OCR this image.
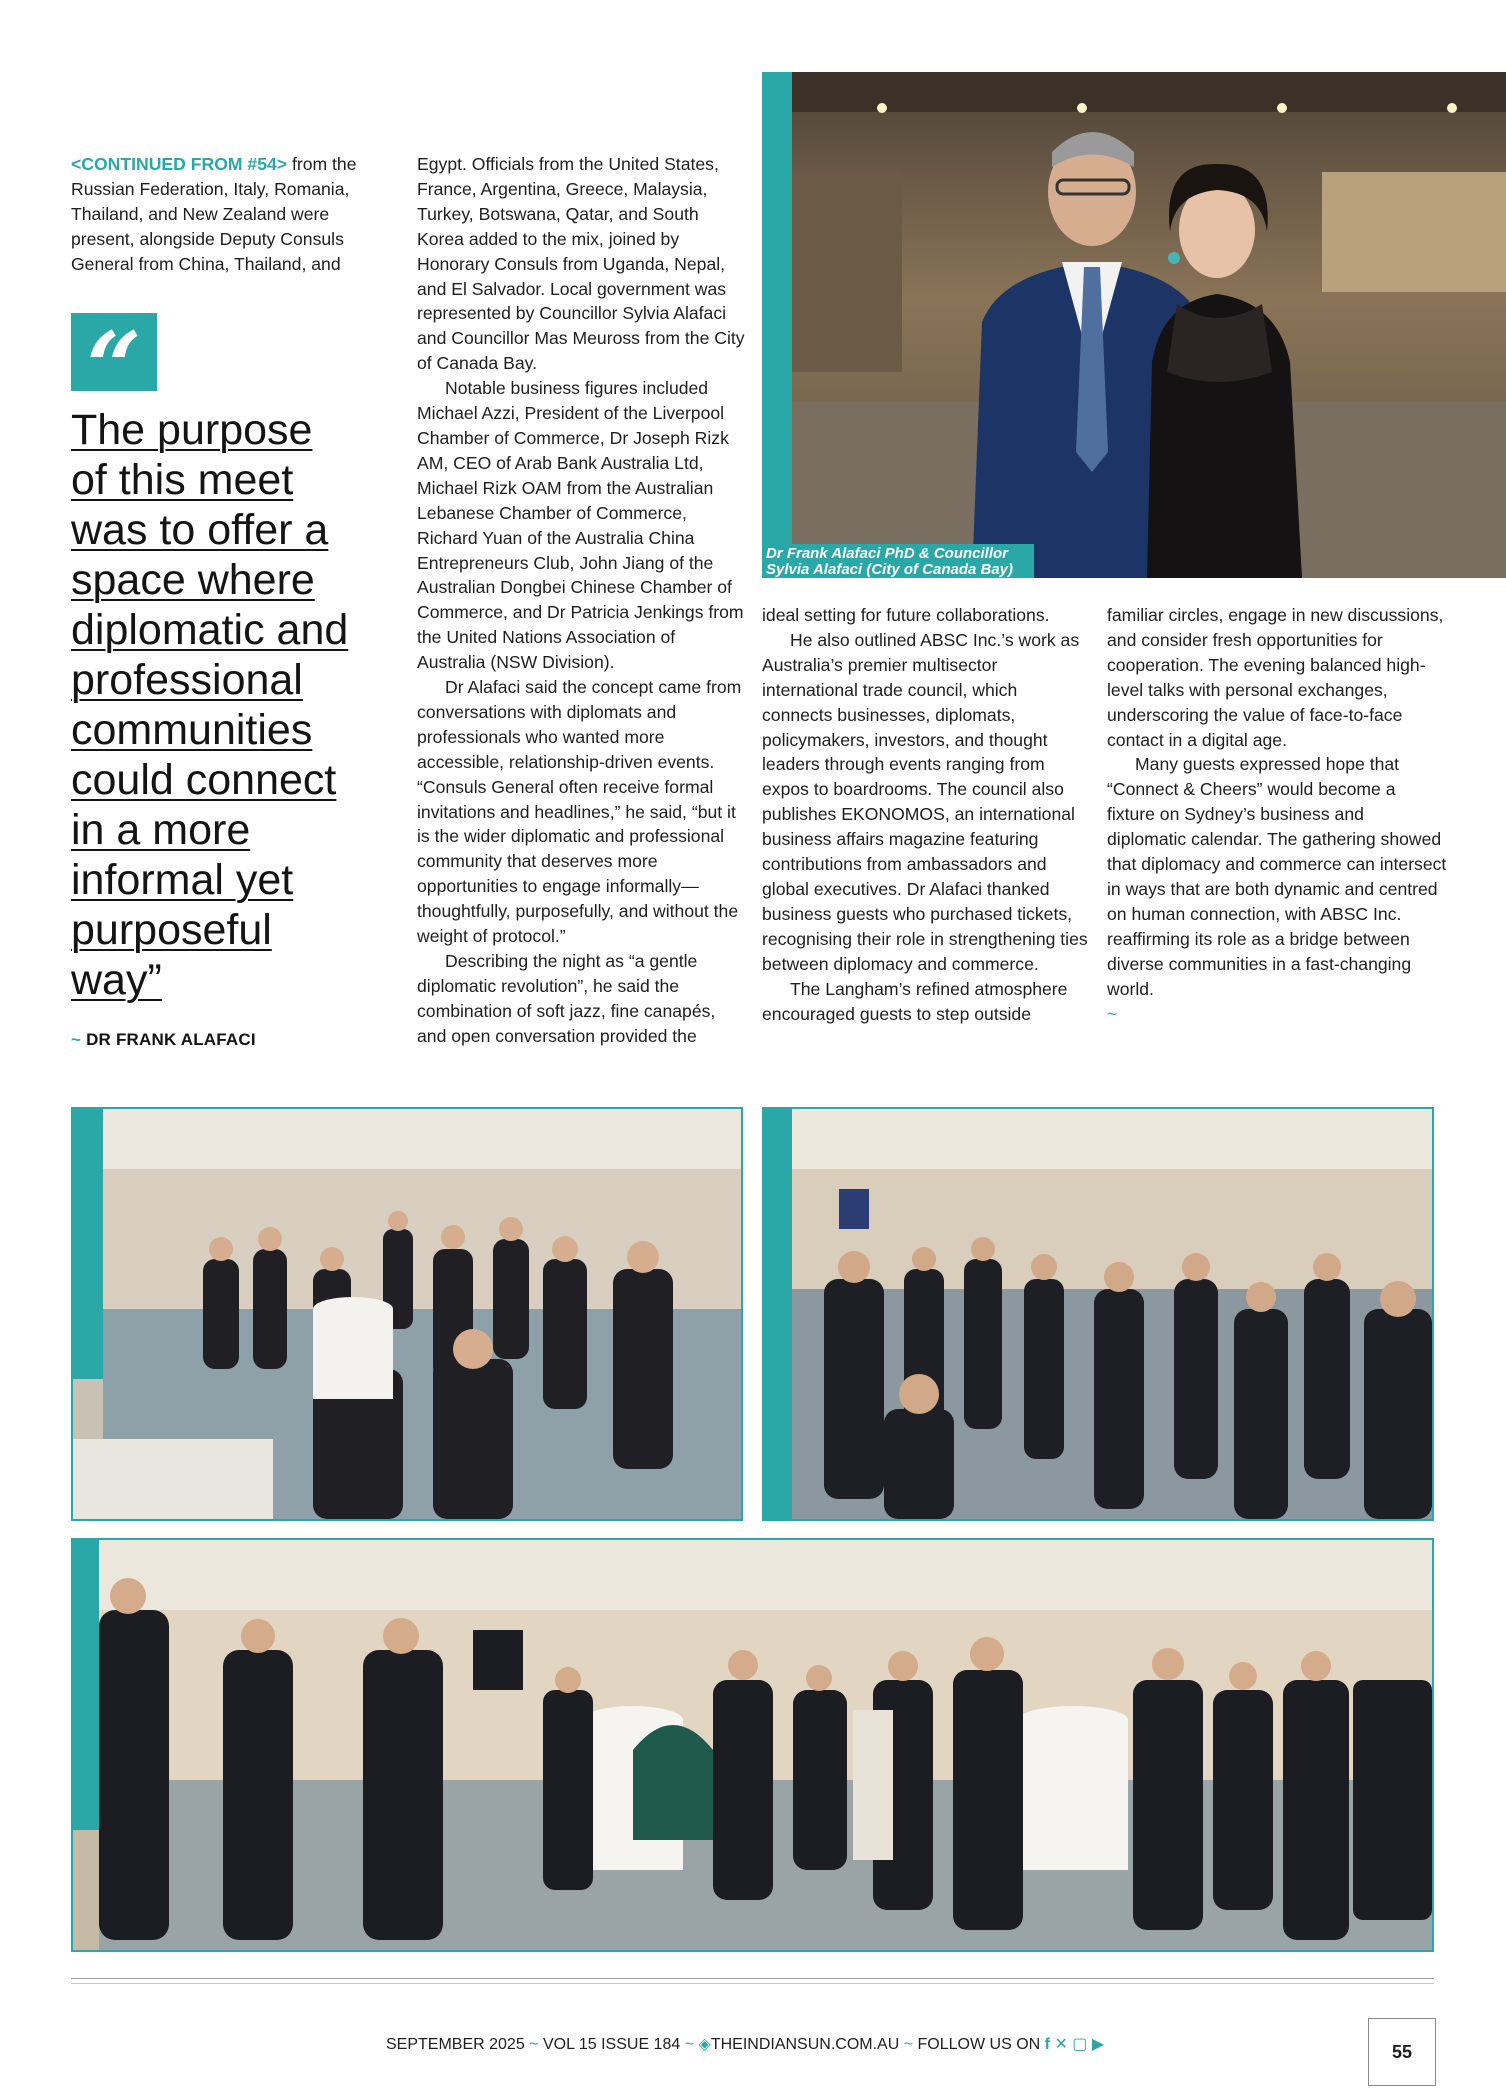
<CONTINUED FROM #54> from the Russian Federation, Italy, Romania, Thailand, and New Zealand were present, alongside Deputy Consuls General from China, Thailand, and

“
The purpose
of this meet
was to offer a
space where
diplomatic and
professional
communities
could connect
in a more
informal yet
purposeful
way”
~ DR FRANK ALAFACI

Egypt. Officials from the United States, France, Argentina, Greece, Malaysia, Turkey, Botswana, Qatar, and South Korea added to the mix, joined by Honorary Consuls from Uganda, Nepal, and El Salvador. Local government was represented by Councillor Sylvia Alafaci and Councillor Mas Meuross from the City of Canada Bay.

Notable business figures included Michael Azzi, President of the Liverpool Chamber of Commerce, Dr Joseph Rizk AM, CEO of Arab Bank Australia Ltd, Michael Rizk OAM from the Australian Lebanese Chamber of Commerce, Richard Yuan of the Australia China Entrepreneurs Club, John Jiang of the Australian Dongbei Chinese Chamber of Commerce, and Dr Patricia Jenkings from the United Nations Association of Australia (NSW Division).

Dr Alafaci said the concept came from conversations with diplomats and professionals who wanted more accessible, relationship-driven events. “Consuls General often receive formal invitations and headlines,” he said, “but it is the wider diplomatic and professional community that deserves more opportunities to engage informally—thoughtfully, purposefully, and without the weight of protocol.”

Describing the night as “a gentle diplomatic revolution”, he said the combination of soft jazz, fine canapés, and open conversation provided the

Dr Frank Alafaci PhD & Councillor
Sylvia Alafaci (City of Canada Bay)

ideal setting for future collaborations.

He also outlined ABSC Inc.’s work as Australia’s premier multisector international trade council, which connects businesses, diplomats, policymakers, investors, and thought leaders through events ranging from expos to boardrooms. The council also publishes EKONOMOS, an international business affairs magazine featuring contributions from ambassadors and global executives. Dr Alafaci thanked business guests who purchased tickets, recognising their role in strengthening ties between diplomacy and commerce.

The Langham’s refined atmosphere encouraged guests to step outside

familiar circles, engage in new discussions, and consider fresh opportunities for cooperation. The evening balanced high-level talks with personal exchanges, underscoring the value of face-to-face contact in a digital age.

Many guests expressed hope that “Connect & Cheers” would become a fixture on Sydney’s business and diplomatic calendar. The gathering showed that diplomacy and commerce can intersect in ways that are both dynamic and centred on human connection, with ABSC Inc. reaffirming its role as a bridge between diverse communities in a fast-changing world.

~
SEPTEMBER 2025 ~ VOL 15 ISSUE 184 ~ ◈THEINDIANSUN.COM.AU ~ FOLLOW US ON f ✕ ▢ ▶	55
